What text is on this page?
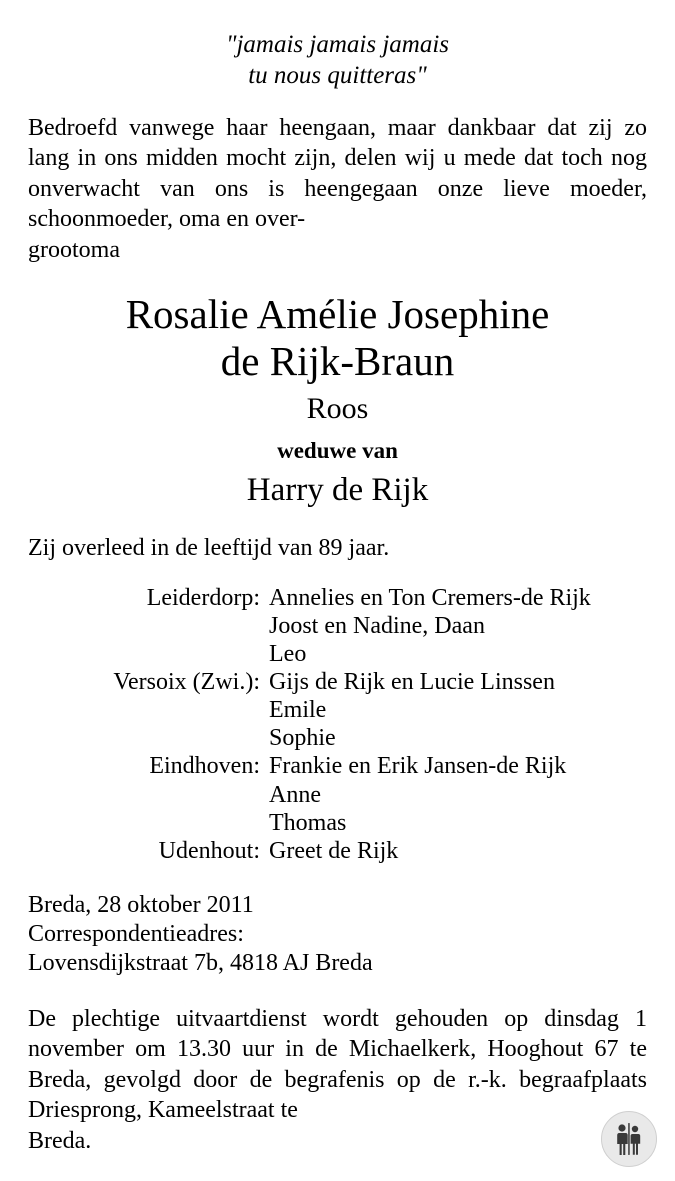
"jamais jamais jamais
tu nous quitteras"
Bedroefd vanwege haar heengaan, maar dankbaar dat zij zo lang in ons midden mocht zijn, delen wij u mede dat toch nog onverwacht van ons is heengegaan onze lieve moeder, schoonmoeder, oma en over-
grootoma
Rosalie Amélie Josephine
de Rijk-Braun
Roos
weduwe van
Harry de Rijk
Zij overleed in de leeftijd van 89 jaar.
Leiderdorp:	Annelies en Ton Cremers-de Rijk
Joost en Nadine, Daan
Leo

Versoix (Zwi.):	Gijs de Rijk en Lucie Linssen
Emile
Sophie

Eindhoven:	Frankie en Erik Jansen-de Rijk
Anne
Thomas

Udenhout:	Greet de Rijk
Breda, 28 oktober 2011
Correspondentieadres:
Lovensdijkstraat 7b, 4818 AJ Breda
De plechtige uitvaartdienst wordt gehouden op dinsdag 1 november om 13.30 uur in de Michaelkerk, Hooghout 67 te Breda, gevolgd door de begrafenis op de r.-k. begraafplaats Driesprong, Kameelstraat te
Breda.
